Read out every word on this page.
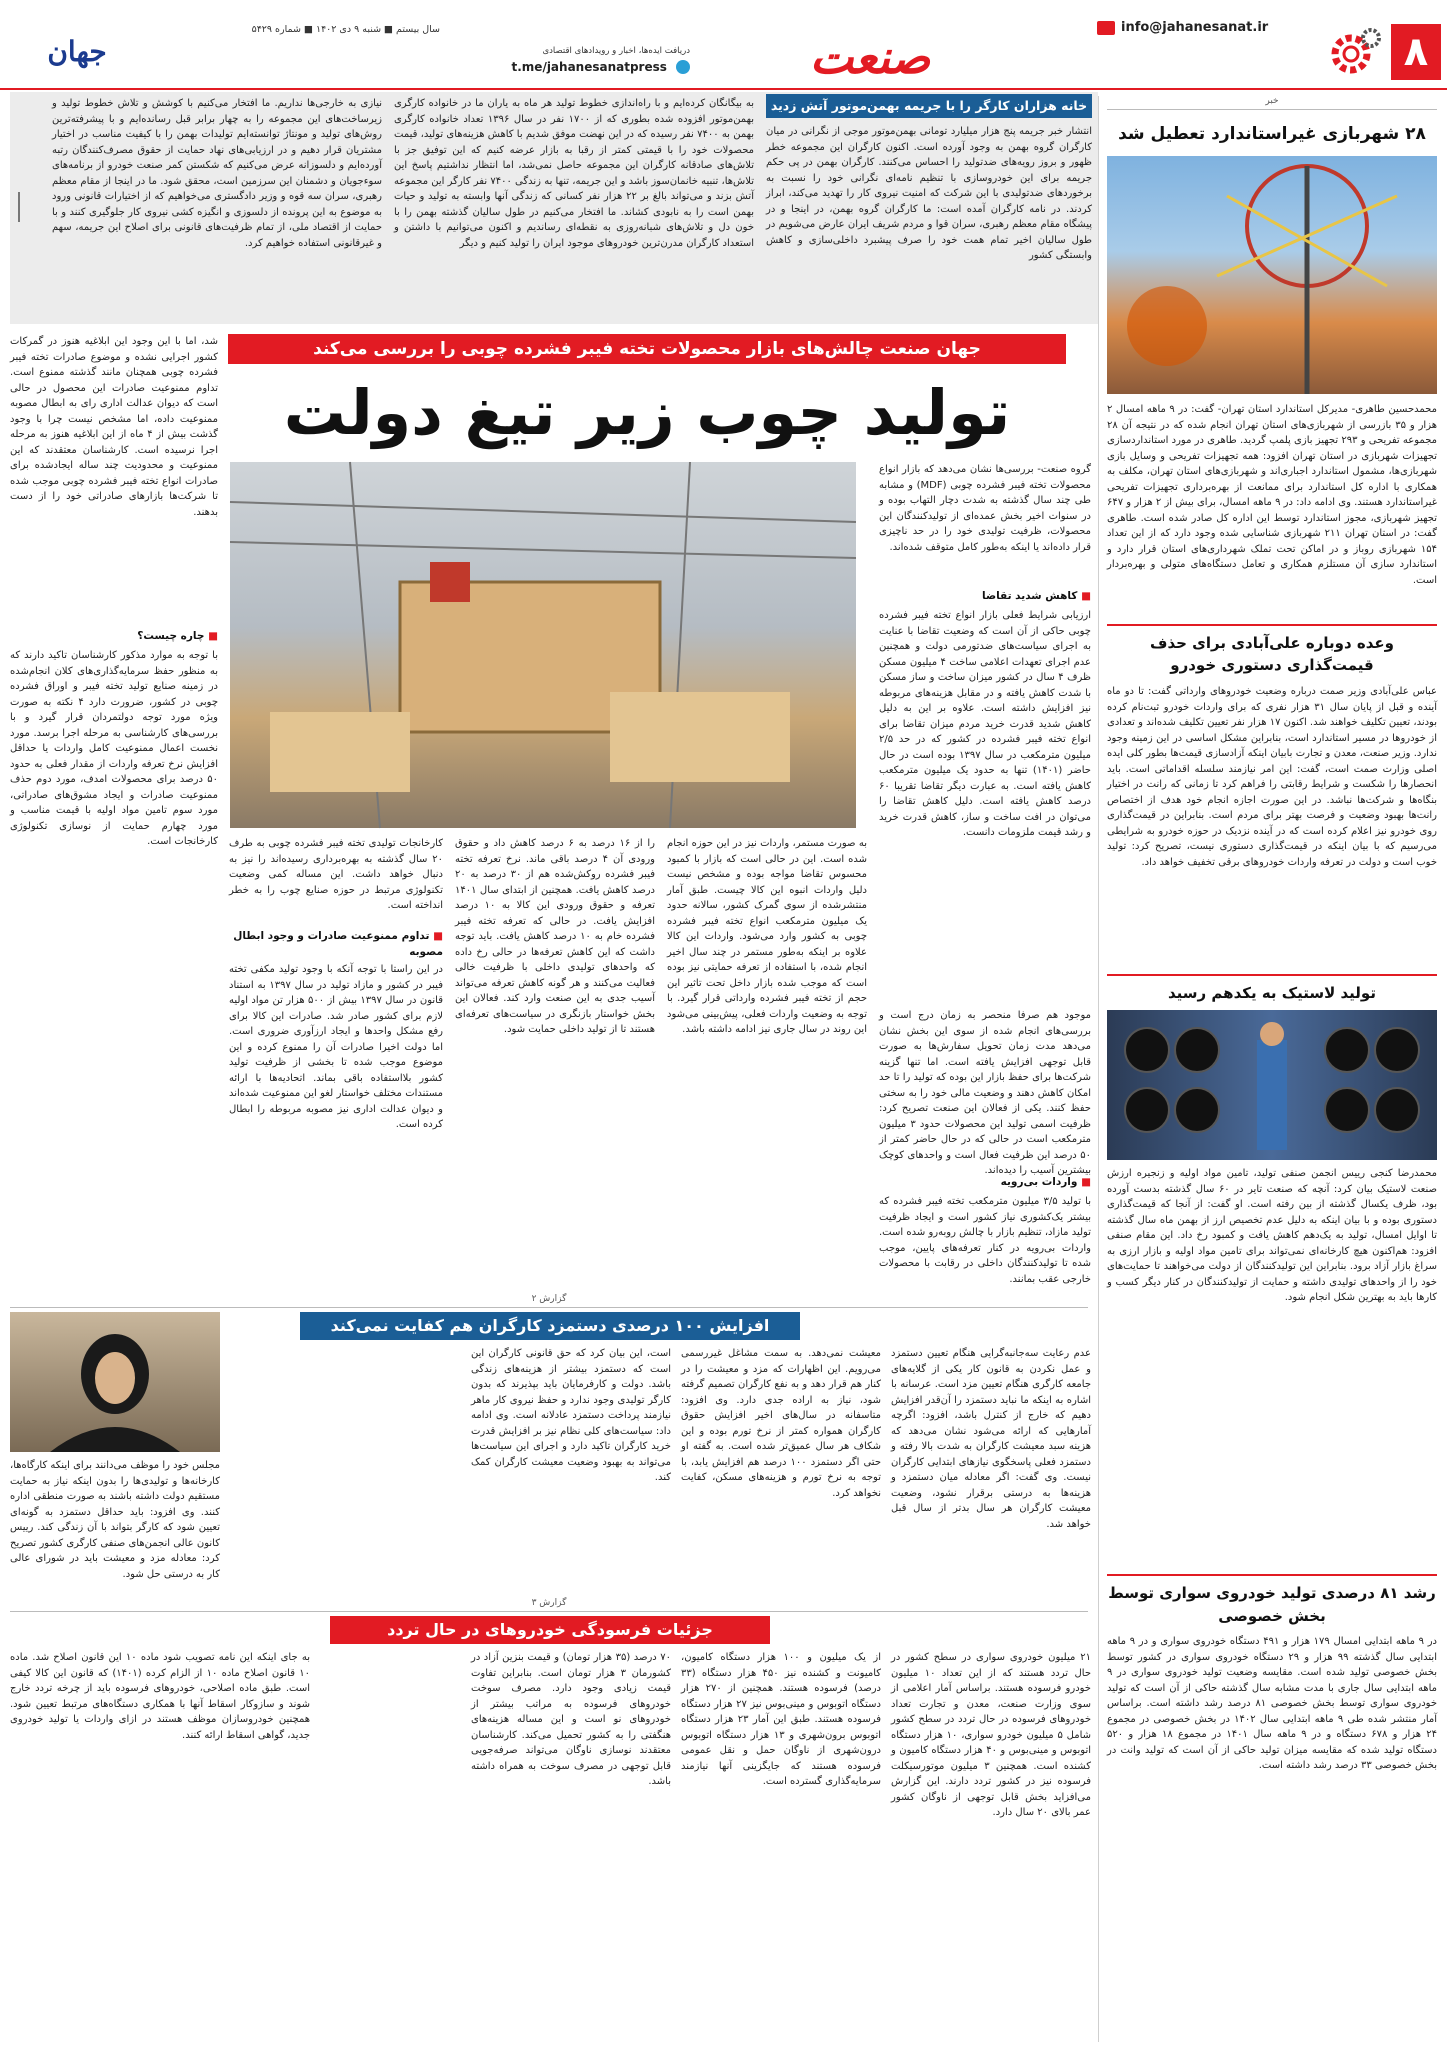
۸
info@jahanesanat.ir
صنعت
دریافت ایده‌ها، اخبار و رویدادهای اقتصادی
t.me/jahanesanatpress
سال بیستم ■ شنبه ۹ دی ۱۴۰۲ ■ شماره ۵۴۲۹
جهان
خانه هزاران کارگر را با جریمه بهمن‌موتور آتش زدید
انتشار خبر جریمه پنج هزار میلیارد تومانی بهمن‌موتور موجی از نگرانی در میان کارگران گروه بهمن به وجود آورده است. اکنون کارگران این مجموعه خطر ظهور و بروز رویه‌های ضدتولید را احساس می‌کنند. کارگران بهمن در پی حکم جریمه برای این خودروسازی با تنظیم نامه‌ای نگرانی خود را نسبت به برخوردهای ضدتولیدی با این شرکت که امنیت نیروی کار را تهدید می‌کند، ابراز کردند. در نامه کارگران آمده است: ما کارگران گروه بهمن، در اینجا و در پیشگاه مقام معظم رهبری، سران قوا و مردم شریف ایران عارض می‌شویم در طول سالیان اخیر تمام همت خود را صرف پیشبرد داخلی‌سازی و کاهش وابستگی کشور
به بیگانگان کرده‌ایم و با راه‌اندازی خطوط تولید هر ماه به یاران ما در خانواده کارگری بهمن‌موتور افزوده شده بطوری که از ۱۷۰۰ نفر در سال ۱۳۹۶ تعداد خانواده کارگری بهمن به ۷۴۰۰ نفر رسیده که در این نهضت موفق شدیم با کاهش هزینه‌های تولید، قیمت محصولات خود را با قیمتی کمتر از رقبا به بازار عرضه کنیم که این توفیق جز با تلاش‌های صادقانه کارگران این مجموعه حاصل نمی‌شد، اما انتظار نداشتیم پاسخ این تلاش‌ها، تنبیه خانمان‌سوز باشد و این جریمه، تنها به زندگی ۷۴۰۰ نفر کارگر این مجموعه آتش بزند و می‌تواند بالغ بر ۲۲ هزار نفر کسانی که زندگی آنها وابسته به تولید و حیات بهمن است را به نابودی کشاند. ما افتخار می‌کنیم در طول سالیان گذشته بهمن را با خون دل و تلاش‌های شبانه‌روزی به نقطه‌ای رساندیم و اکنون می‌توانیم با داشتن و استعداد کارگران مدرن‌ترین خودروهای موجود ایران را تولید کنیم و دیگر
نیازی به خارجی‌ها نداریم. ما افتخار می‌کنیم با کوشش و تلاش خطوط تولید و زیرساخت‌های این مجموعه را به چهار برابر قبل رسانده‌ایم و با پیشرفته‌ترین روش‌های تولید و مونتاژ توانسته‌ایم تولیدات بهمن را با کیفیت مناسب در اختیار مشتریان قرار دهیم و در ارزیابی‌های نهاد حمایت از حقوق مصرف‌کنندگان رتبه آورده‌ایم و دلسوزانه عرض می‌کنیم که شکستن کمر صنعت خودرو از برنامه‌های سوءجویان و دشمنان این سرزمین است، محقق شود. ما در اینجا از مقام معظم رهبری، سران سه قوه و وزیر دادگستری می‌خواهیم که از اختیارات قانونی ورود به موضوع به این پرونده از دلسوزی و انگیزه کشی نیروی کار جلوگیری کنند و با حمایت از اقتصاد ملی، از تمام ظرفیت‌های قانونی برای اصلاح این جریمه، سهم و غیرقانونی استفاده خواهیم کرد.
خبر
۲۸ شهربازی غیراستاندارد تعطیل شد
محمدحسین طاهری- مدیرکل استاندارد استان تهران- گفت: در ۹ ماهه امسال ۲ هزار و ۳۵ بازرسی از شهربازی‌های استان تهران انجام شده که در نتیجه آن ۲۸ مجموعه تفریحی و ۲۹۳ تجهیز بازی پلمپ گردید. طاهری در مورد استانداردسازی تجهیزات شهربازی در استان تهران افزود: همه تجهیزات تفریحی و وسایل بازی شهربازی‌ها، مشمول استاندارد اجباری‌اند و شهربازی‌های استان تهران، مکلف به همکاری با اداره کل استاندارد برای ممانعت از بهره‌برداری تجهیزات تفریحی غیراستاندارد هستند. وی ادامه داد: در ۹ ماهه امسال، برای بیش از ۲ هزار و ۶۴۷ تجهیز شهربازی، مجوز استاندارد توسط این اداره کل صادر شده است. طاهری گفت: در استان تهران ۲۱۱ شهربازی شناسایی شده وجود دارد که از این تعداد ۱۵۴ شهربازی روباز و در اماکن تحت تملک شهرداری‌های استان قرار دارد و استاندارد سازی آن مستلزم همکاری و تعامل دستگاه‌های متولی و بهره‌بردار است.
وعده دوباره علی‌آبادی برای حذف قیمت‌گذاری دستوری خودرو
عباس علی‌آبادی وزیر صمت درباره وضعیت خودروهای وارداتی گفت: تا دو ماه آینده و قبل از پایان سال ۳۱ هزار نفری که برای واردات خودرو ثبت‌نام کرده بودند، تعیین تکلیف خواهند شد. اکنون ۱۷ هزار نفر تعیین تکلیف شده‌اند و تعدادی از خودروها در مسیر استاندارد است، بنابراین مشکل اساسی در این زمینه وجود ندارد. وزیر صنعت، معدن و تجارت بابیان اینکه آزادسازی قیمت‌ها بطور کلی ایده اصلی وزارت صمت است، گفت: این امر نیازمند سلسله اقداماتی است. باید انحصارها را شکست و شرایط رقابتی را فراهم کرد تا زمانی که رانت در اختیار بنگاه‌ها و شرکت‌ها نباشد. در این صورت اجازه انجام خود هدف از اختصاص رانت‌ها بهبود وضعیت و فرصت بهتر برای مردم است. بنابراین در قیمت‌گذاری روی خودرو نیز اعلام کرده است که در آینده نزدیک در حوزه خودرو به شرایطی می‌رسیم که با بیان اینکه در قیمت‌گذاری دستوری نیست، تصریح کرد: تولید خوب است و دولت در تعرفه واردات خودروهای برقی تخفیف خواهد داد.
تولید لاستیک به یکدهم رسید
محمدرضا کنجی رییس انجمن صنفی تولید، تامین مواد اولیه و زنجیره ارزش صنعت لاستیک بیان کرد: آنچه که صنعت تایر در ۶۰ سال گذشته بدست آورده بود، ظرف یکسال گذشته از بین رفته است. او گفت: از آنجا که قیمت‌گذاری دستوری بوده و با بیان اینکه به دلیل عدم تخصیص ارز از بهمن ماه سال گذشته تا اوایل امسال، تولید به یک‌دهم کاهش یافت و کمبود رخ داد. این مقام صنفی افزود: هم‌اکنون هیچ کارخانه‌ای نمی‌تواند برای تامین مواد اولیه و بازار ارزی به سراغ بازار آزاد برود. بنابراین این تولیدکنندگان از دولت می‌خواهند تا حمایت‌های خود را از واحدهای تولیدی داشته و حمایت از تولیدکنندگان در کنار دیگر کسب و کارها باید به بهترین شکل انجام شود.
رشد ۸۱ درصدی تولید خودروی سواری توسط بخش خصوصی
در ۹ ماهه ابتدایی امسال ۱۷۹ هزار و ۴۹۱ دستگاه خودروی سواری و در ۹ ماهه ابتدایی سال گذشته ۹۹ هزار و ۲۹ دستگاه خودروی سواری در کشور توسط بخش خصوصی تولید شده است. مقایسه وضعیت تولید خودروی سواری در ۹ ماهه ابتدایی سال جاری با مدت مشابه سال گذشته حاکی از آن است که تولید خودروی سواری توسط بخش خصوصی ۸۱ درصد رشد داشته است. براساس آمار منتشر شده طی ۹ ماهه ابتدایی سال ۱۴۰۲ در بخش خصوصی در مجموع ۲۴ هزار و ۶۷۸ دستگاه و در ۹ ماهه سال ۱۴۰۱ در مجموع ۱۸ هزار و ۵۲۰ دستگاه تولید شده که مقایسه میزان تولید حاکی از آن است که تولید وانت در بخش خصوصی ۳۳ درصد رشد داشته است.
جهان صنعت چالش‌های بازار محصولات تخته فیبر فشرده چوبی را بررسی می‌کند
تولید چوب زیر تیغ دولت
گروه صنعت- بررسی‌ها نشان می‌دهد که بازار انواع محصولات تخته فیبر فشرده چوبی (MDF) و مشابه طی چند سال گذشته به شدت دچار التهاب بوده و در سنوات اخیر بخش عمده‌ای از تولیدکنندگان این محصولات، ظرفیت تولیدی خود را در حد ناچیزی قرار داده‌اند یا اینکه به‌طور کامل متوقف شده‌اند.
■ کاهش شدید تقاضا
ارزیابی شرایط فعلی بازار انواع تخته فیبر فشرده چوبی حاکی از آن است که وضعیت تقاضا با عنایت به اجرای سیاست‌های ضدتورمی دولت و همچنین عدم اجرای تعهدات اعلامی ساخت ۴ میلیون مسکن ظرف ۴ سال در کشور میزان ساخت و ساز مسکن با شدت کاهش یافته و در مقابل هزینه‌های مربوطه نیز افزایش داشته است. علاوه بر این به دلیل کاهش شدید قدرت خرید مردم میزان تقاضا برای انواع تخته فیبر فشرده در کشور که در حد ۲/۵ میلیون مترمکعب در سال ۱۳۹۷ بوده است در حال حاضر (۱۴۰۱) تنها به حدود یک میلیون مترمکعب کاهش یافته است. به عبارت دیگر تقاضا تقریبا ۶۰ درصد کاهش یافته است. دلیل کاهش تقاضا را می‌توان در افت ساخت و ساز، کاهش قدرت خرید و رشد قیمت ملزومات دانست.
موجود هم صرفا منحصر به زمان درج است و بررسی‌های انجام شده از سوی این بخش نشان می‌دهد مدت زمان تحویل سفارش‌ها به صورت قابل توجهی افزایش یافته است. اما تنها گزینه شرکت‌ها برای حفظ بازار این بوده که تولید را تا حد امکان کاهش دهند و وضعیت مالی خود را به سختی حفظ کنند. یکی از فعالان این صنعت تصریح کرد: ظرفیت اسمی تولید این محصولات حدود ۳ میلیون مترمکعب است در حالی که در حال حاضر کمتر از ۵۰ درصد این ظرفیت فعال است و واحدهای کوچک بیشترین آسیب را دیده‌اند.
■ واردات بی‌رویه
با تولید ۳/۵ میلیون مترمکعب تخته فیبر فشرده که بیشتر یک‌کشوری نیاز کشور است و ایجاد ظرفیت تولید مازاد، تنظیم بازار با چالش روبه‌رو شده است. واردات بی‌رویه در کنار تعرفه‌های پایین، موجب شده تا تولیدکنندگان داخلی در رقابت با محصولات خارجی عقب بمانند.
به صورت مستمر، واردات نیز در این حوزه انجام شده است. این در حالی است که بازار با کمبود محسوس تقاضا مواجه بوده و مشخص نیست دلیل واردات انبوه این کالا چیست. طبق آمار منتشرشده از سوی گمرک کشور، سالانه حدود یک میلیون مترمکعب انواع تخته فیبر فشرده چوبی به کشور وارد می‌شود. واردات این کالا علاوه بر اینکه به‌طور مستمر در چند سال اخیر انجام شده، با استفاده از تعرفه حمایتی نیز بوده است که موجب شده بازار داخل تحت تاثیر این حجم از تخته فیبر فشرده وارداتی قرار گیرد. با توجه به وضعیت واردات فعلی، پیش‌بینی می‌شود این روند در سال جاری نیز ادامه داشته باشد.
را از ۱۶ درصد به ۶ درصد کاهش داد و حقوق ورودی آن ۴ درصد باقی ماند. نرخ تعرفه تخته فیبر فشرده روکش‌شده هم از ۳۰ درصد به ۲۰ درصد کاهش یافت. همچنین از ابتدای سال ۱۴۰۱ تعرفه و حقوق ورودی این کالا به ۱۰ درصد افزایش یافت. در حالی که تعرفه تخته فیبر فشرده خام به ۱۰ درصد کاهش یافت. باید توجه داشت که این کاهش تعرفه‌ها در حالی رخ داده که واحدهای تولیدی داخلی با ظرفیت خالی فعالیت می‌کنند و هر گونه کاهش تعرفه می‌تواند آسیب جدی به این صنعت وارد کند. فعالان این بخش خواستار بازنگری در سیاست‌های تعرفه‌ای هستند تا از تولید داخلی حمایت شود.
کارخانجات تولیدی تخته فیبر فشرده چوبی به طرف ۲۰ سال گذشته به بهره‌برداری رسیده‌اند را نیز به دنبال خواهد داشت. این مساله کمی وضعیت تکنولوژی مرتبط در حوزه صنایع چوب را به خطر انداخته است.
■ تداوم ممنوعیت صادرات و وجود ابطال مصوبه
در این راستا با توجه آنکه با وجود تولید مکفی تخته فیبر در کشور و مازاد تولید در سال ۱۳۹۷ به استناد قانون در سال ۱۳۹۷ بیش از ۵۰۰ هزار تن مواد اولیه لازم برای کشور صادر شد. صادرات این کالا برای رفع مشکل واحدها و ایجاد ارزآوری ضروری است. اما دولت اخیرا صادرات آن را ممنوع کرده و این موضوع موجب شده تا بخشی از ظرفیت تولید کشور بلااستفاده باقی بماند. اتحادیه‌ها با ارائه مستندات مختلف خواستار لغو این ممنوعیت شده‌اند و دیوان عدالت اداری نیز مصوبه مربوطه را ابطال کرده است.
شد، اما با این وجود این ابلاغیه هنوز در گمرکات کشور اجرایی نشده و موضوع صادرات تخته فیبر فشرده چوبی همچنان مانند گذشته ممنوع است. تداوم ممنوعیت صادرات این محصول در حالی است که دیوان عدالت اداری رای به ابطال مصوبه ممنوعیت داده، اما مشخص نیست چرا با وجود گذشت بیش از ۴ ماه از این ابلاغیه هنوز به مرحله اجرا نرسیده است. کارشناسان معتقدند که این ممنوعیت و محدودیت چند ساله ایجادشده برای صادرات انواع تخته فیبر فشرده چوبی موجب شده تا شرکت‌ها بازارهای صادراتی خود را از دست بدهند.
■ چاره چیست؟
با توجه به موارد مذکور کارشناسان تاکید دارند که به منظور حفظ سرمایه‌گذاری‌های کلان انجام‌شده در زمینه صنایع تولید تخته فیبر و اوراق فشرده چوبی در کشور، ضرورت دارد ۴ نکته به صورت ویژه مورد توجه دولتمردان قرار گیرد و با بررسی‌های کارشناسی به مرحله اجرا برسد. مورد نخست اعمال ممنوعیت کامل واردات یا حداقل افزایش نرخ تعرفه واردات از مقدار فعلی به حدود ۵۰ درصد برای محصولات امدف، مورد دوم حذف ممنوعیت صادرات و ایجاد مشوق‌های صادراتی، مورد سوم تامین مواد اولیه با قیمت مناسب و مورد چهارم حمایت از نوسازی تکنولوژی کارخانجات است.
گزارش ۲
افزایش ۱۰۰ درصدی دستمزد کارگران هم کفایت نمی‌کند
عدم رعایت سه‌جانبه‌گرایی هنگام تعیین دستمزد و عمل نکردن به قانون کار یکی از گلایه‌های جامعه کارگری هنگام تعیین مزد است. عرسانه با اشاره به اینکه ما نباید دستمزد را آن‌قدر افزایش دهیم که خارج از کنترل باشد، افزود: اگرچه آمارهایی که ارائه می‌شود نشان می‌دهد که هزینه سبد معیشت کارگران به شدت بالا رفته و دستمزد فعلی پاسخگوی نیازهای ابتدایی کارگران نیست. وی گفت: اگر معادله میان دستمزد و هزینه‌ها به درستی برقرار نشود، وضعیت معیشت کارگران هر سال بدتر از سال قبل خواهد شد.
معیشت نمی‌دهد. به سمت مشاغل غیررسمی می‌رویم. این اظهارات که مزد و معیشت را در کنار هم قرار دهد و به نفع کارگران تصمیم گرفته شود، نیاز به اراده جدی دارد. وی افزود: متاسفانه در سال‌های اخیر افزایش حقوق کارگران همواره کمتر از نرخ تورم بوده و این شکاف هر سال عمیق‌تر شده است. به گفته او حتی اگر دستمزد ۱۰۰ درصد هم افزایش یابد، با توجه به نرخ تورم و هزینه‌های مسکن، کفایت نخواهد کرد.
است، این بیان کرد که حق قانونی کارگران این است که دستمزد بیشتر از هزینه‌های زندگی باشد. دولت و کارفرمایان باید بپذیرند که بدون کارگر تولیدی وجود ندارد و حفظ نیروی کار ماهر نیازمند پرداخت دستمزد عادلانه است. وی ادامه داد: سیاست‌های کلی نظام نیز بر افزایش قدرت خرید کارگران تاکید دارد و اجرای این سیاست‌ها می‌تواند به بهبود وضعیت معیشت کارگران کمک کند.
مجلس خود را موظف می‌دانند برای اینکه کارگاه‌ها، کارخانه‌ها و تولیدی‌ها را بدون اینکه نیاز به حمایت مستقیم دولت داشته باشند به صورت منطقی اداره کنند. وی افزود: باید حداقل دستمزد به گونه‌ای تعیین شود که کارگر بتواند با آن زندگی کند. رییس کانون عالی انجمن‌های صنفی کارگری کشور تصریح کرد: معادله مزد و معیشت باید در شورای عالی کار به درستی حل شود.
گزارش ۳
جزئیات فرسودگی خودروهای در حال تردد
۲۱ میلیون خودروی سواری در سطح کشور در حال تردد هستند که از این تعداد ۱۰ میلیون خودرو فرسوده هستند. براساس آمار اعلامی از سوی وزارت صنعت، معدن و تجارت تعداد خودروهای فرسوده در حال تردد در سطح کشور شامل ۵ میلیون خودرو سواری، ۱۰ هزار دستگاه اتوبوس و مینی‌بوس و ۴۰ هزار دستگاه کامیون و کشنده است. همچنین ۳ میلیون موتورسیکلت فرسوده نیز در کشور تردد دارند. این گزارش می‌افزاید بخش قابل توجهی از ناوگان کشور عمر بالای ۲۰ سال دارد.
از یک میلیون و ۱۰۰ هزار دستگاه کامیون، کامیونت و کشنده نیز ۴۵۰ هزار دستگاه (۳۳ درصد) فرسوده هستند. همچنین از ۲۷۰ هزار دستگاه اتوبوس و مینی‌بوس نیز ۲۷ هزار دستگاه فرسوده هستند. طبق این آمار ۲۳ هزار دستگاه اتوبوس برون‌شهری و ۱۳ هزار دستگاه اتوبوس درون‌شهری از ناوگان حمل و نقل عمومی فرسوده هستند که جایگزینی آنها نیازمند سرمایه‌گذاری گسترده است.
۷۰ درصد (۳۵ هزار تومان) و قیمت بنزین آزاد در کشورمان ۳ هزار تومان است. بنابراین تفاوت قیمت زیادی وجود دارد. مصرف سوخت خودروهای فرسوده به مراتب بیشتر از خودروهای نو است و این مساله هزینه‌های هنگفتی را به کشور تحمیل می‌کند. کارشناسان معتقدند نوسازی ناوگان می‌تواند صرفه‌جویی قابل توجهی در مصرف سوخت به همراه داشته باشد.
به جای اینکه این نامه تصویب شود ماده ۱۰ این قانون اصلاح شد. ماده ۱۰ قانون اصلاح ماده ۱۰ از الزام کرده (۱۴۰۱) که قانون این کالا کیفی است. طبق ماده اصلاحی، خودروهای فرسوده باید از چرخه تردد خارج شوند و سازوکار اسقاط آنها با همکاری دستگاه‌های مرتبط تعیین شود. همچنین خودروسازان موظف هستند در ازای واردات یا تولید خودروی جدید، گواهی اسقاط ارائه کنند.
